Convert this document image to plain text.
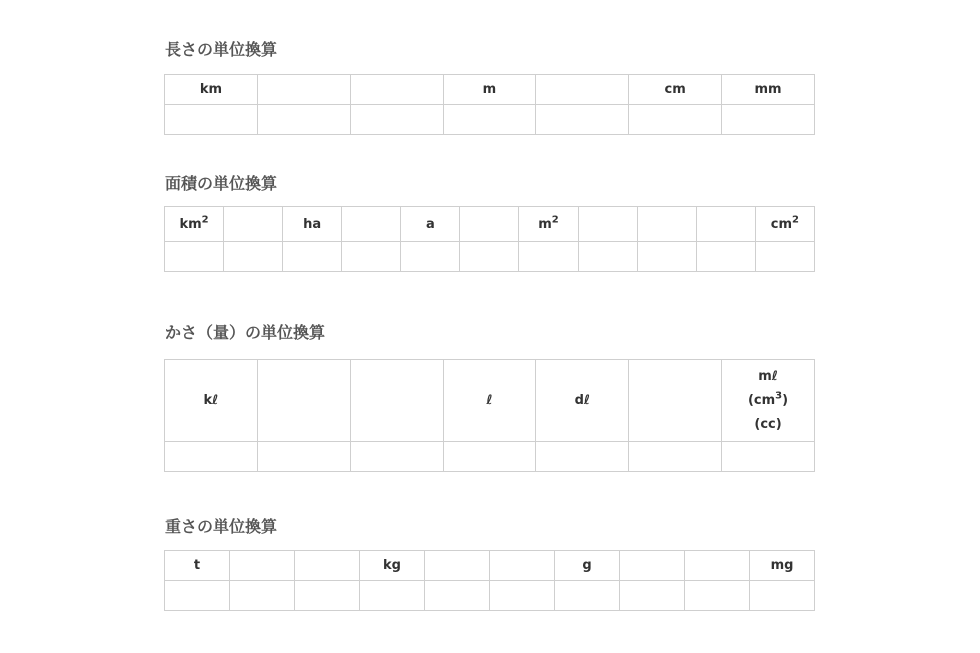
長さの単位換算
km			m		cm	mm

面積の単位換算
$km^2$		ha		a		$m^2$				$cm^2$

かさ（量）の単位換算
kℓ			ℓ	dℓ		mℓ
$(cm^3)$
(cc)

重さの単位換算
t			kg			g			mg
